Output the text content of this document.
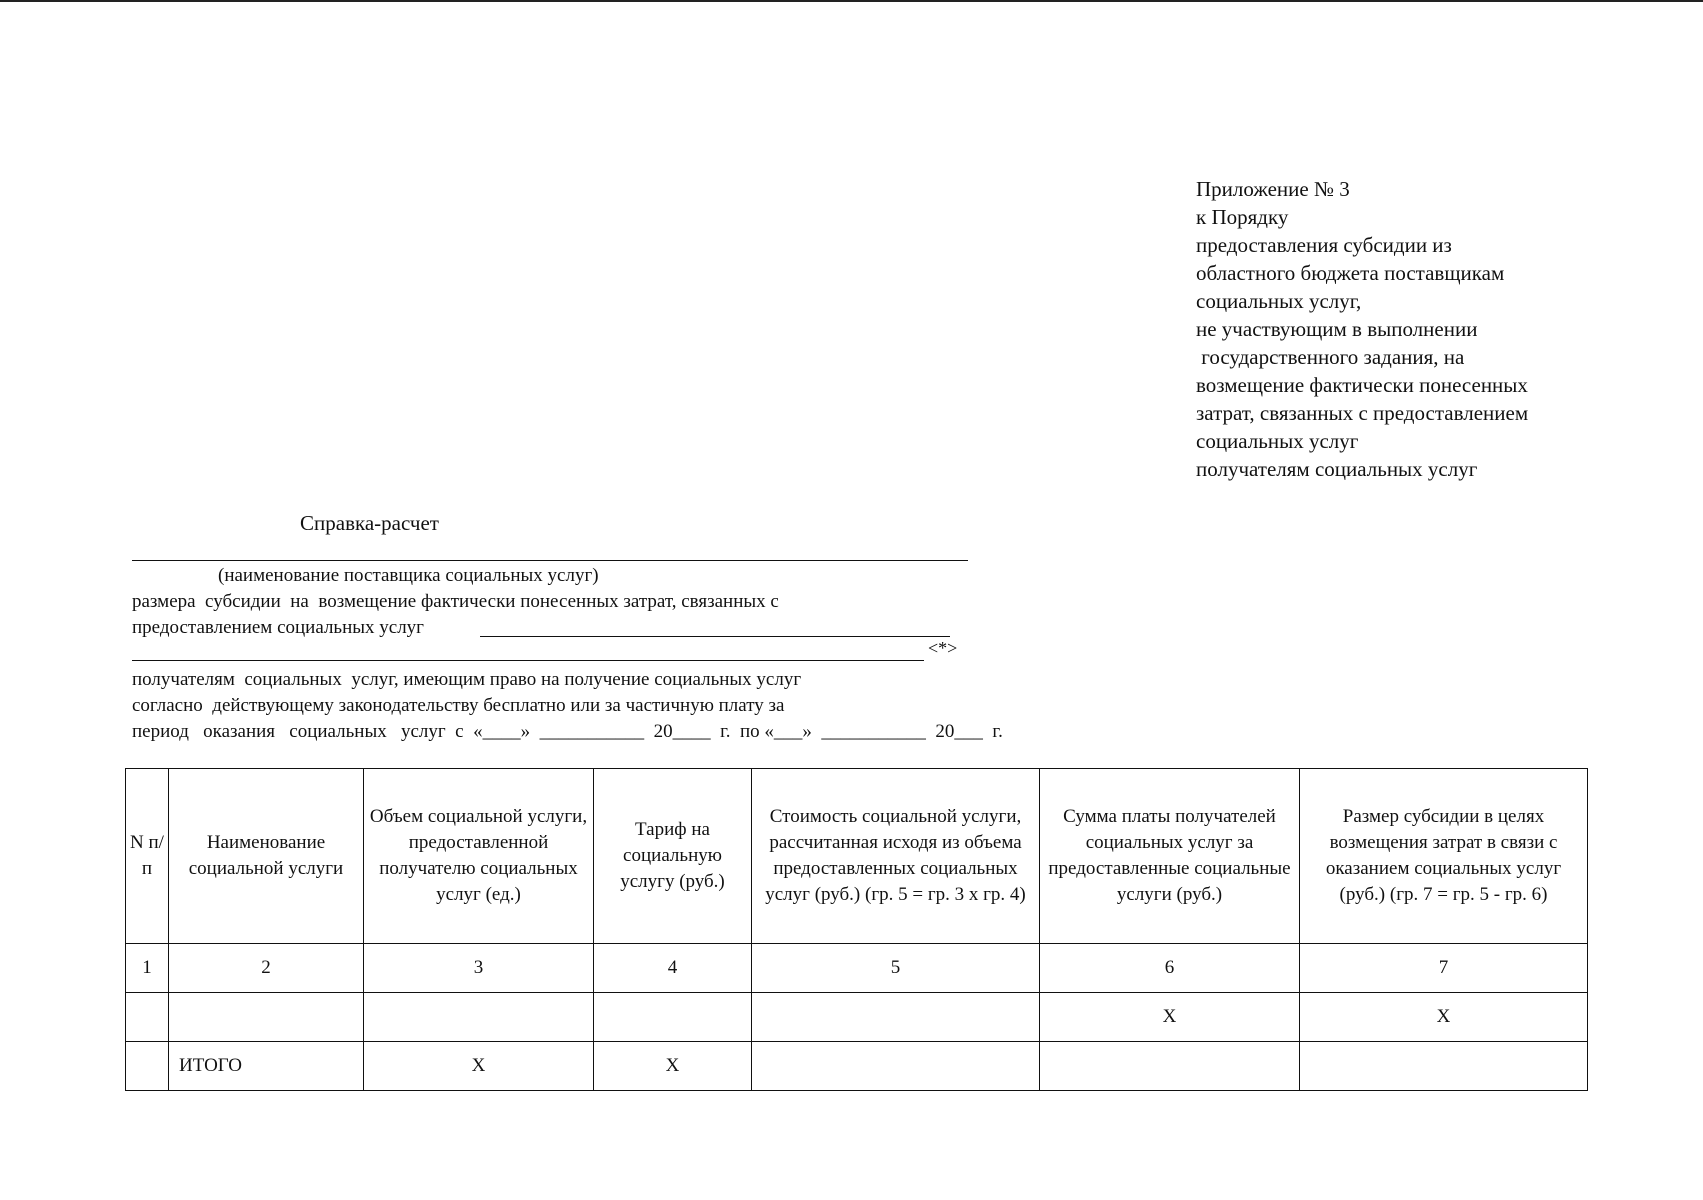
Приложение № 3
к Порядку
предоставления субсидии из
областного бюджета поставщикам
социальных услуг,
не участвующим в выполнении
государственного задания, на
возмещение фактически понесенных
затрат, связанных с предоставлением
социальных услуг
получателям социальных услуг
Справка-расчет
(наименование поставщика социальных услуг)
размера  субсидии  на  возмещение фактически понесенных затрат, связанных с
предоставлением социальных услуг
<*>
получателям  социальных  услуг, имеющим право на получение социальных услуг
согласно  действующему законодательству бесплатно или за частичную плату за
период   оказания   социальных   услуг  с  «____»  ___________  20____  г.  по «___»  ___________  20___  г.
N п/п	Наименование социальной услуги	Объем социальной услуги, предоставленной получателю социальных услуг (ед.)	Тариф на социальную услугу (руб.)	Стоимость социальной услуги, рассчитанная исходя из объема предоставленных социальных услуг (руб.) (гр. 5 = гр. 3 x гр. 4)	Сумма платы получателей социальных услуг за предоставленные социальные услуги (руб.)	Размер субсидии в целях возмещения затрат в связи с оказанием социальных услуг (руб.) (гр. 7 = гр. 5 - гр. 6)
1	2	3	4	5	6	7
					X	X
	ИТОГО	X	X			
